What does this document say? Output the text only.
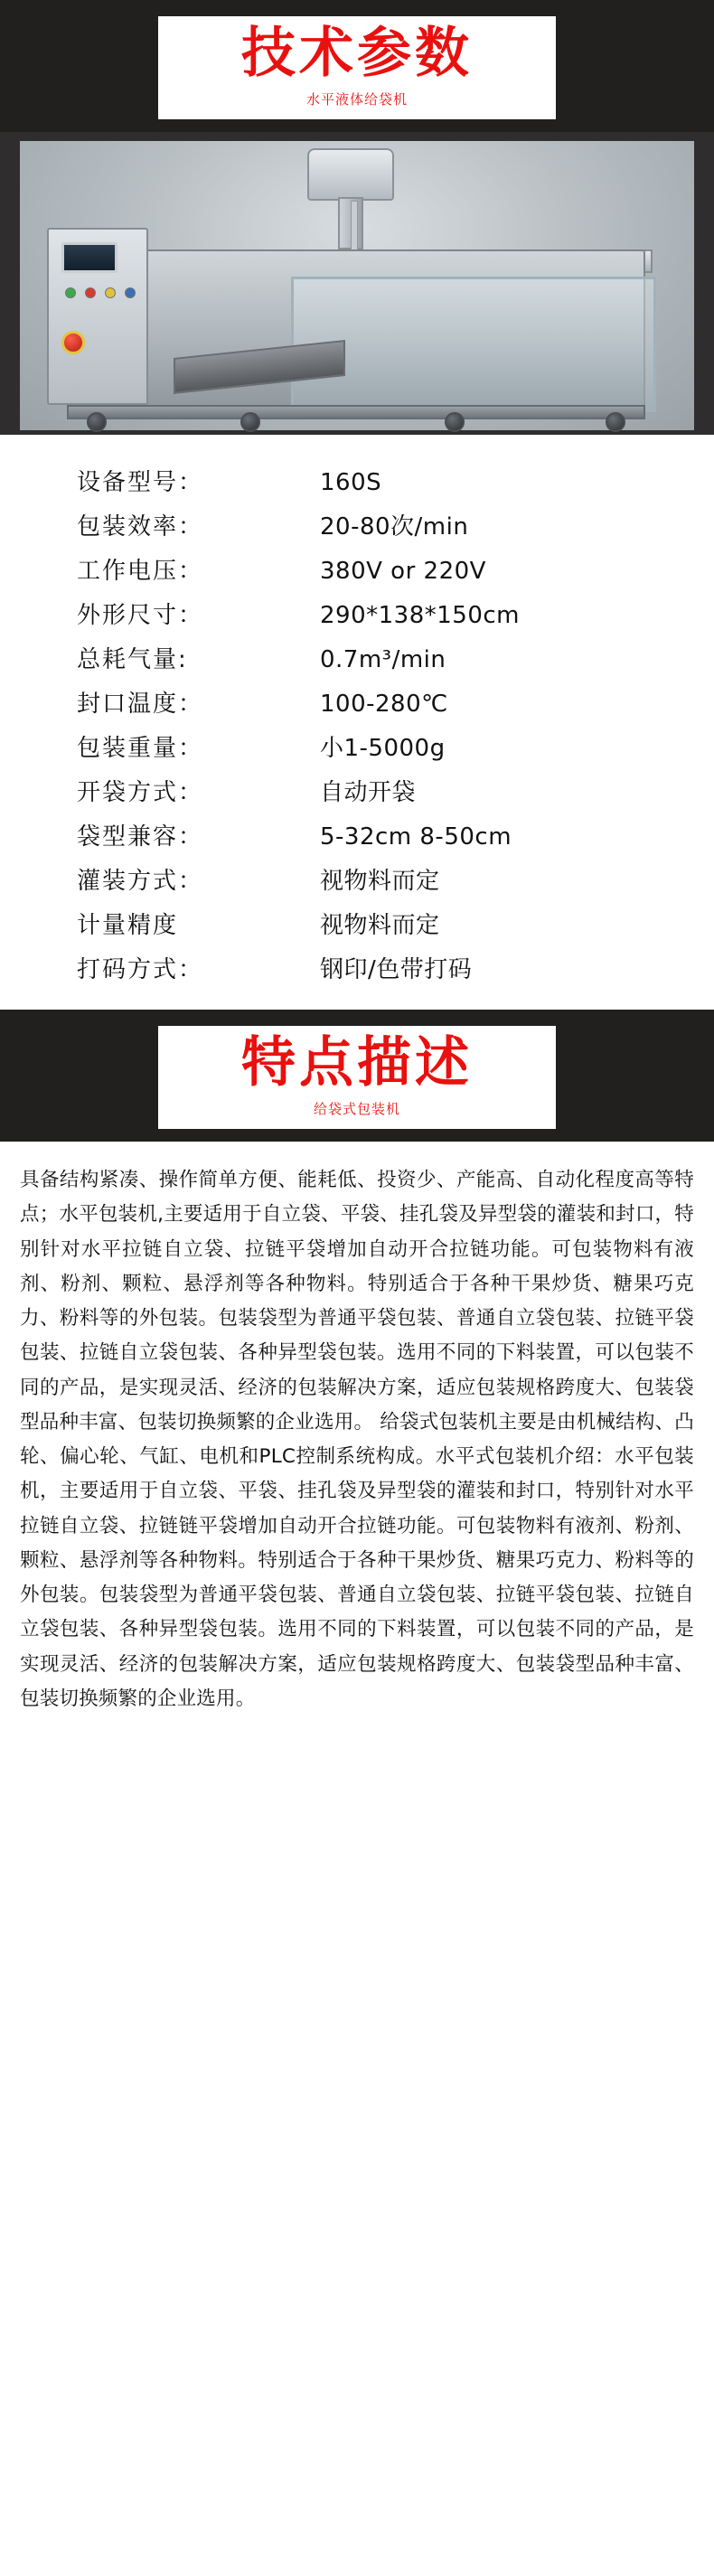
技术参数
水平液体给袋机
设备型号：	160S
包装效率：	20-80次/min
工作电压：	380V or 220V
外形尺寸：	290*138*150cm
总耗气量:	0.7m³/min
封口温度：	100-280℃
包装重量：	小1-5000g
开袋方式：	自动开袋
袋型兼容：	5-32cm 8-50cm
灌装方式：	视物料而定
计量精度	视物料而定
打码方式：	钢印/色带打码
特点描述
给袋式包装机
具备结构紧凑、操作简单方便、能耗低、投资少、产能高、自动化程度高等特点；水平包装机,主要适用于自立袋、平袋、挂孔袋及异型袋的灌装和封口，特别针对水平拉链自立袋、拉链平袋增加自动开合拉链功能。可包装物料有液剂、粉剂、颗粒、悬浮剂等各种物料。特别适合于各种干果炒货、糖果巧克力、粉料等的外包装。包装袋型为普通平袋包装、普通自立袋包装、拉链平袋包装、拉链自立袋包装、各种异型袋包装。选用不同的下料装置，可以包装不同的产品，是实现灵活、经济的包装解决方案，适应包装规格跨度大、包装袋型品种丰富、包装切换频繁的企业选用。 给袋式包装机主要是由机械结构、凸轮、偏心轮、气缸、电机和PLC控制系统构成。水平式包装机介绍：水平包装机，主要适用于自立袋、平袋、挂孔袋及异型袋的灌装和封口，特别针对水平拉链自立袋、拉链链平袋增加自动开合拉链功能。可包装物料有液剂、粉剂、颗粒、悬浮剂等各种物料。特别适合于各种干果炒货、糖果巧克力、粉料等的外包装。包装袋型为普通平袋包装、普通自立袋包装、拉链平袋包装、拉链自立袋包装、各种异型袋包装。选用不同的下料装置，可以包装不同的产品，是实现灵活、经济的包装解决方案，适应包装规格跨度大、包装袋型品种丰富、包装切换频繁的企业选用。
